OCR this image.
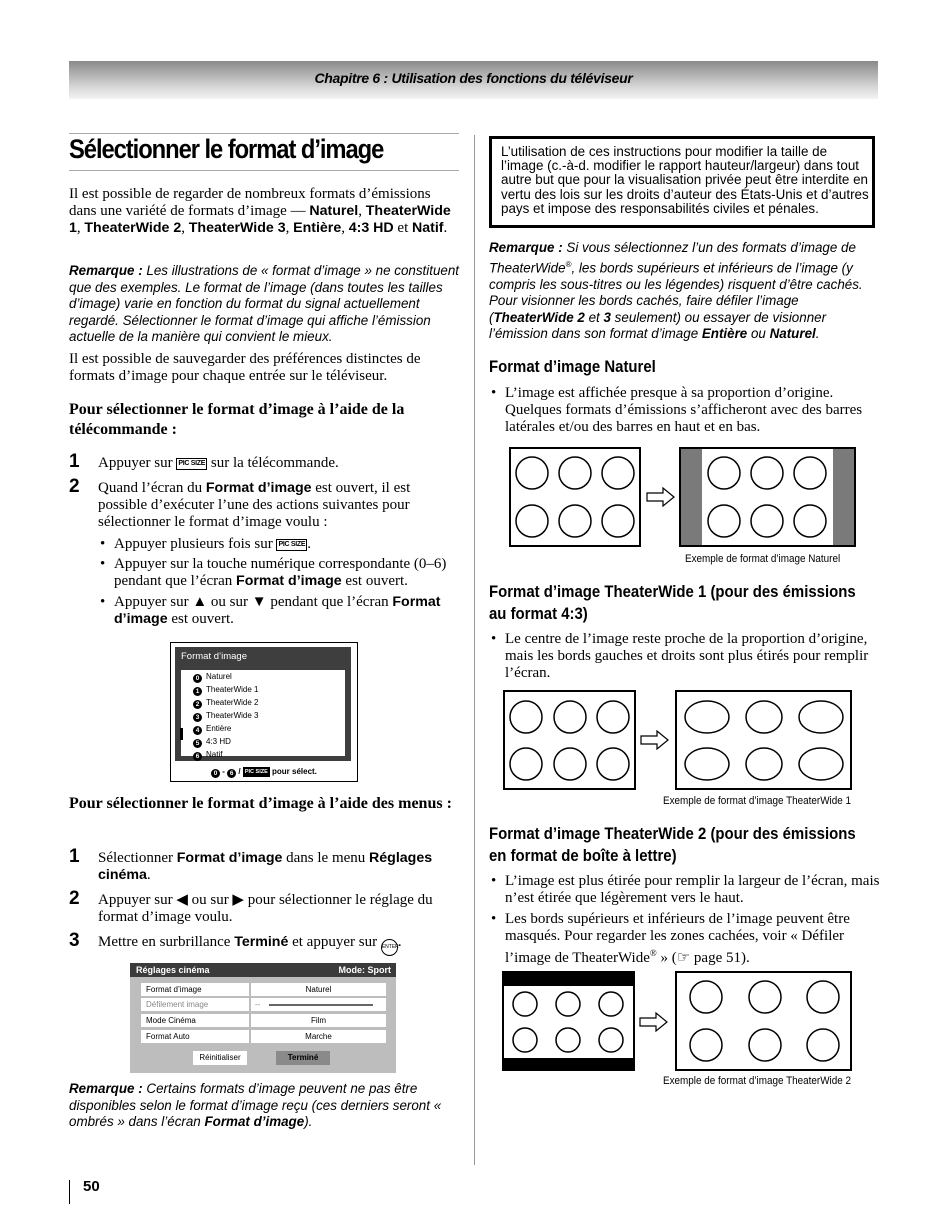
Chapitre 6 : Utilisation des fonctions du téléviseur
Sélectionner le format d’image
Il est possible de regarder de nombreux formats d’émissions dans une variété de formats d’image — Naturel, TheaterWide 1, TheaterWide 2, TheaterWide 3, Entière, 4:3 HD et Natif.
Remarque : Les illustrations de « format d’image » ne constituent que des exemples. Le format de l’image (dans toutes les tailles d’image) varie en fonction du format du signal actuellement regardé. Sélectionner le format d’image qui affiche l’émission actuelle de la manière qui convient le mieux.
Il est possible de sauvegarder des préférences distinctes de formats d’image pour chaque entrée sur le téléviseur.
Pour sélectionner le format d’image à l’aide de la télécommande :
1 Appuyer sur PIC SIZE sur la télécommande.
2 Quand l’écran du Format d’image est ouvert, il est possible d’exécuter l’une des actions suivantes pour sélectionner le format d’image voulu :
• Appuyer plusieurs fois sur PIC SIZE .
• Appuyer sur la touche numérique correspondante (0–6) pendant que l’écran Format d’image est ouvert.
• Appuyer sur ▲ ou sur ▼ pendant que l’écran Format d’image est ouvert.
Format d’image
0 Naturel
1 TheaterWide 1
2 TheaterWide 2
3 TheaterWide 3
4 Entière
5 4:3 HD
6 Natif
0 - 6 / PIC SIZE pour sélect.
Pour sélectionner le format d’image à l’aide des menus :
1 Sélectionner Format d’image dans le menu Réglages cinéma.
2 Appuyer sur ◀ ou sur ▶ pour sélectionner le réglage du format d’image voulu.
3 Mettre en surbrillance Terminé et appuyer sur ENTER.
Réglages cinéma	Mode: Sport
Format d’image	Naturel
Défilement image	--
Mode Cinéma	Film
Format Auto	Marche
Réinitialiser	Terminé
Remarque : Certains formats d’image peuvent ne pas être disponibles selon le format d’image reçu (ces derniers seront « ombrés » dans l’écran Format d’image).
L’utilisation de ces instructions pour modifier la taille de l’image (c.-à-d. modifier le rapport hauteur/largeur) dans tout autre but que pour la visualisation privée peut être interdite en vertu des lois sur les droits d’auteur des États-Unis et d’autres pays et impose des responsabilités civiles et pénales.
Remarque : Si vous sélectionnez l’un des formats d’image de TheaterWide®, les bords supérieurs et inférieurs de l’image (y compris les sous-titres ou les légendes) risquent d’être cachés. Pour visionner les bords cachés, faire défiler l’image (TheaterWide 2 et 3 seulement) ou essayer de visionner l’émission dans son format d’image Entière ou Naturel.
Format d’image Naturel
• L’image est affichée presque à sa proportion d’origine. Quelques formats d’émissions s’afficheront avec des barres latérales et/ou des barres en haut et en bas.
Exemple de format d’image Naturel
Format d’image TheaterWide 1 (pour des émissions
au format 4:3)
• Le centre de l’image reste proche de la proportion d’origine, mais les bords gauches et droits sont plus étirés pour remplir l’écran.
Exemple de format d’image TheaterWide 1
Format d’image TheaterWide 2 (pour des émissions
en format de boîte à lettre)
• L’image est plus étirée pour remplir la largeur de l’écran, mais n’est étirée que légèrement vers le haut.
• Les bords supérieurs et inférieurs de l’image peuvent être masqués. Pour regarder les zones cachées, voir « Défiler l’image de TheaterWide® » (☞ page 51).
Exemple de format d’image TheaterWide 2
50
